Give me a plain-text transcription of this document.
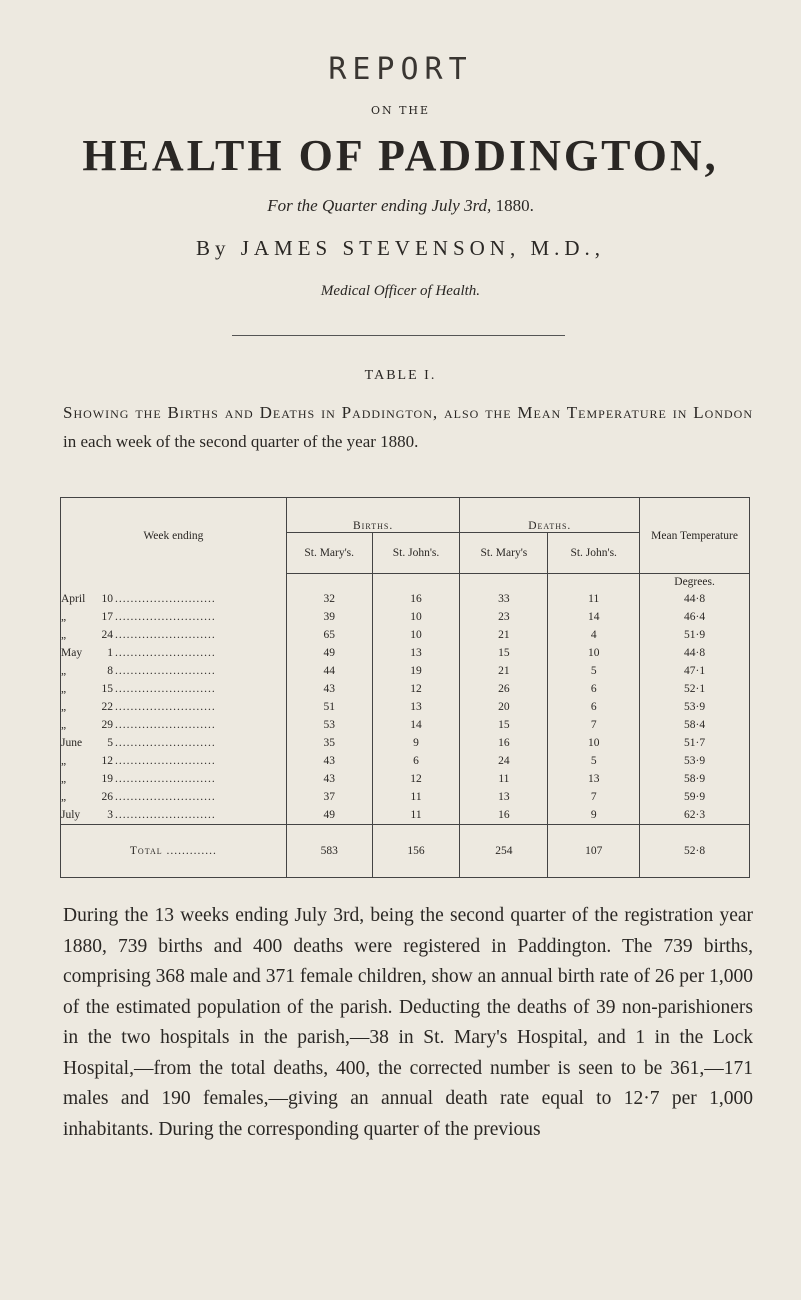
REPORT
ON THE
HEALTH OF PADDINGTON,
For the Quarter ending July 3rd, 1880.
By JAMES STEVENSON, M.D.,
Medical Officer of Health.
TABLE I.
Showing the Births and Deaths in Paddington, also the Mean Temperature in London in each week of the second quarter of the year 1880.
Week ending	Births.		Deaths.		Mean Temperature
	St. Mary's.	St. John's.	St. Mary's	St. John's.	
					Degrees.
April 10 ..........................	32	16	33	11	44·8
„ 17 ..........................	39	10	23	14	46·4
„ 24 ..........................	65	10	21	4	51·9
May 1 ..........................	49	13	15	10	44·8
„ 8 ..........................	44	19	21	5	47·1
„ 15 ..........................	43	12	26	6	52·1
„ 22 ..........................	51	13	20	6	53·9
„ 29 ..........................	53	14	15	7	58·4
June 5 ..........................	35	9	16	10	51·7
„ 12 ..........................	43	6	24	5	53·9
„ 19 ..........................	43	12	11	13	58·9
„ 26 ..........................	37	11	13	7	59·9
July 3 ..........................	49	11	16	9	62·3
Total .............	583	156	254	107	52·8
During the 13 weeks ending July 3rd, being the second quarter of the registration year 1880, 739 births and 400 deaths were registered in Paddington. The 739 births, comprising 368 male and 371 female children, show an annual birth rate of 26 per 1,000 of the estimated population of the parish. Deducting the deaths of 39 non-parishioners in the two hospitals in the parish,—38 in St. Mary's Hospital, and 1 in the Lock Hospital,—from the total deaths, 400, the corrected number is seen to be 361,—171 males and 190 females,—giving an annual death rate equal to 12·7 per 1,000 inhabitants. During the corresponding quarter of the previous
